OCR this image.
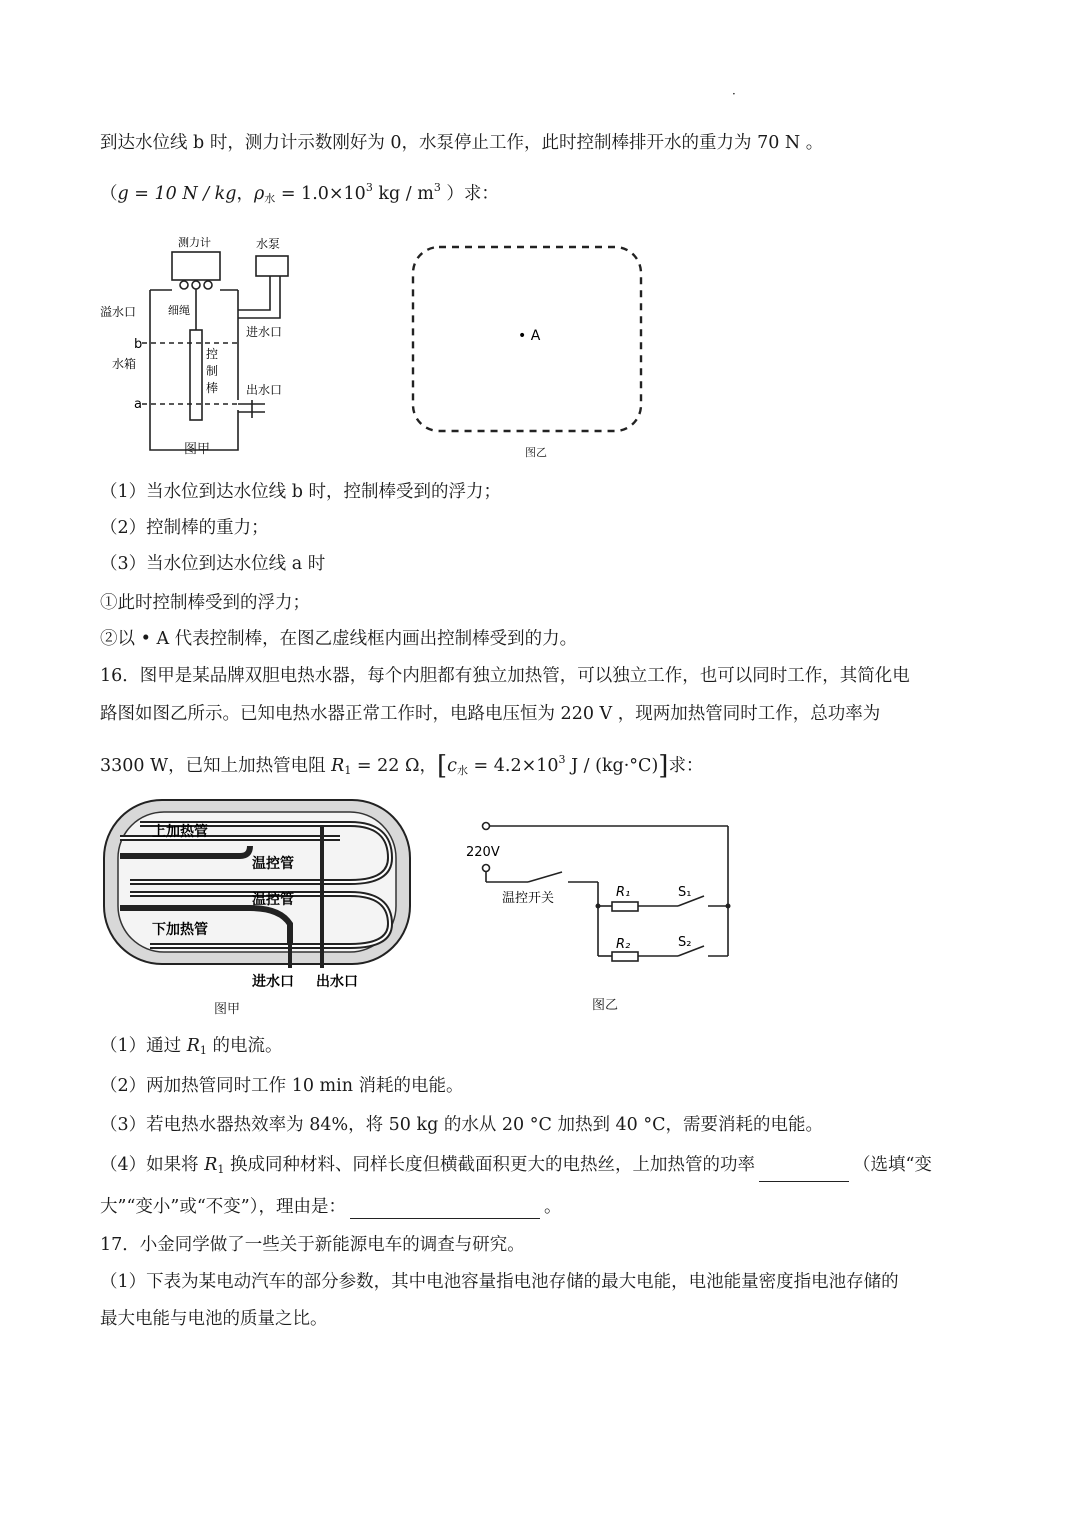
·
到达水位线 b 时，测力计示数刚好为 0，水泵停止工作，此时控制棒排开水的重力为 70 N 。
（g = 10 N / kg，$\rho_水 = 1.0\times 10^3$ kg / $m^3$ ）求：
测力计	水泵
溢水口	细绳
进水口
b
水箱
控
制
棒 出水口
a
图甲
• A
图乙
（1）当水位到达水位线 b 时，控制棒受到的浮力；
（2）控制棒的重力；
（3）当水位到达水位线 a 时
①此时控制棒受到的浮力；
②以 • A 代表控制棒，在图乙虚线框内画出控制棒受到的力。
16．图甲是某品牌双胆电热水器，每个内胆都有独立加热管，可以独立工作，也可以同时工作，其简化电
路图如图乙所示。已知电热水器正常工作时，电路电压恒为 220 V ，现两加热管同时工作，总功率为
3300 W，已知上加热管电阻 $R_1 = 22$ Ω，[$c_水 = 4.2\times 10^3$ J / (kg·°C)]求：
上加热管
温控管
温控管
下加热管
进水口 出水口
图甲
220V
温控开关	R₁
R₂
S₁
S₂
图乙
（1）通过 $R_1$ 的电流。
（2）两加热管同时工作 10 min 消耗的电能。
（3）若电热水器热效率为 84%，将 50 kg 的水从 20 °C 加热到 40 °C，需要消耗的电能。
（4）如果将 $R_1$ 换成同种材料、同样长度但横截面积更大的电热丝，上加热管的功率	（选填“变
大”“变小”或“不变”），理由是：	。
17．小金同学做了一些关于新能源电车的调查与研究。
（1）下表为某电动汽车的部分参数，其中电池容量指电池存储的最大电能，电池能量密度指电池存储的
最大电能与电池的质量之比。
